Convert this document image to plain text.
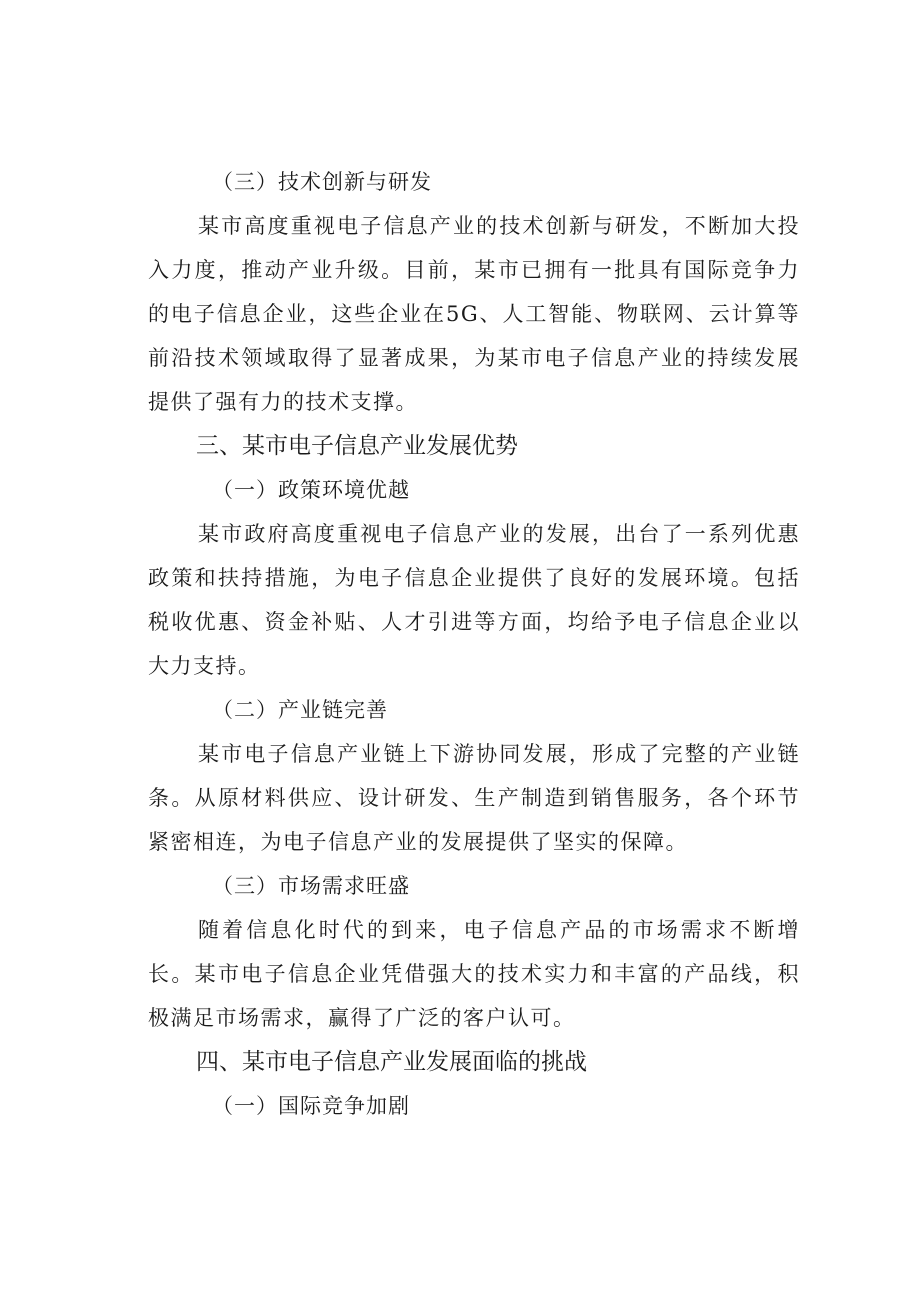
（三）技术创新与研发

某市高度重视电子信息产业的技术创新与研发，不断加大投入力度，推动产业升级。目前，某市已拥有一批具有国际竞争力的电子信息企业，这些企业在5G、人工智能、物联网、云计算等前沿技术领域取得了显著成果，为某市电子信息产业的持续发展提供了强有力的技术支撑。

三、某市电子信息产业发展优势

（一）政策环境优越

某市政府高度重视电子信息产业的发展，出台了一系列优惠政策和扶持措施，为电子信息企业提供了良好的发展环境。包括税收优惠、资金补贴、人才引进等方面，均给予电子信息企业以大力支持。

（二）产业链完善

某市电子信息产业链上下游协同发展，形成了完整的产业链条。从原材料供应、设计研发、生产制造到销售服务，各个环节紧密相连，为电子信息产业的发展提供了坚实的保障。

（三）市场需求旺盛

随着信息化时代的到来，电子信息产品的市场需求不断增长。某市电子信息企业凭借强大的技术实力和丰富的产品线，积极满足市场需求，赢得了广泛的客户认可。

四、某市电子信息产业发展面临的挑战

（一）国际竞争加剧
